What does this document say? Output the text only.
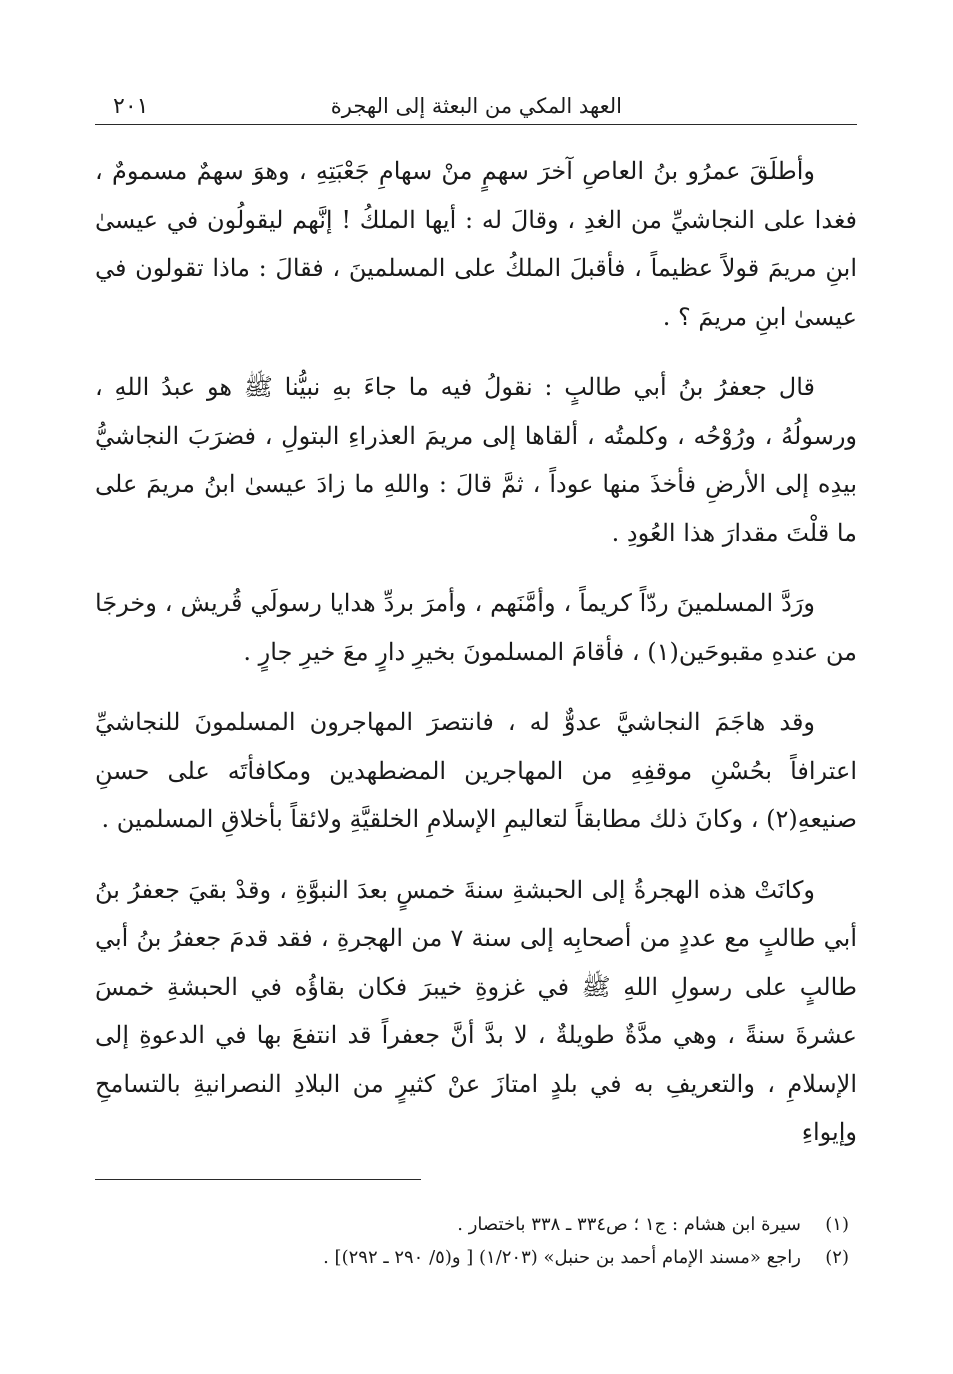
العهد المكي من البعثة إلى الهجرة
٢٠١

وأطلَقَ عمرُو بنُ العاصِ آخرَ سهمٍ منْ سهامِ جَعْبَتِهِ ، وهوَ سهمٌ مسمومٌ ، فغدا على النجاشيِّ من الغدِ ، وقالَ له : أيها الملكُ ! إنَّهم ليقولُون في عيسىٰ ابنِ مريمَ قولاً عظيماً ، فأقبلَ الملكُ على المسلمينَ ، فقالَ : ماذا تقولون في عيسىٰ ابنِ مريمَ ؟ .

قال جعفرُ بنُ أبي طالبٍ : نقولُ فيه ما جاءَ بهِ نبيُّنا ﷺ هو عبدُ اللهِ ، ورسولُهُ ، ورُوْحُه ، وكلمتُه ، ألقاها إلى مريمَ العذراءِ البتولِ ، فضرَبَ النجاشيُّ بيدِه إلى الأرضِ فأخذَ منها عوداً ، ثمَّ قالَ : واللهِ ما زادَ عيسىٰ ابنُ مريمَ على ما قلْتَ مقدارَ هذا العُودِ .

ورَدَّ المسلمينَ ردّاً كريماً ، وأمَّنَهم ، وأمرَ بردِّ هدايا رسولَي قُريش ، وخرجَا من عندهِ مقبوحَين(١) ، فأقامَ المسلمونَ بخيرِ دارٍ معَ خيرِ جارٍ .

وقد هاجَمَ النجاشيَّ عدوٌّ له ، فانتصرَ المهاجرون المسلمونَ للنجاشيِّ اعترافاً بحُسْنِ موقفِهِ من المهاجرين المضطهدين ومكافأتَه على حسنِ صنيعهِ(٢) ، وكانَ ذلك مطابقاً لتعاليمِ الإسلامِ الخلقيَّةِ ولائقاً بأخلاقِ المسلمين .

وكانَتْ هذه الهجرةُ إلى الحبشةِ سنةَ خمسٍ بعدَ النبوَّةِ ، وقدْ بقيَ جعفرُ بنُ أبي طالبٍ مع عددٍ من أصحابِه إلى سنة ٧ من الهجرةِ ، فقد قدمَ جعفرُ بنُ أبي طالبٍ على رسولِ اللهِ ﷺ في غزوةِ خيبرَ فكان بقاؤُه في الحبشةِ خمسَ عشرةَ سنةً ، وهي مدَّةٌ طويلةٌ ، لا بدَّ أنَّ جعفراً قد انتفعَ بها في الدعوةِ إلى الإسلامِ ، والتعريفِ به في بلدٍ امتازَ عنْ كثيرٍ من البلادِ النصرانيةِ بالتسامحِ وإيواءِ

(١)
سيرة ابن هشام : ج١ ؛ ص٣٣٤ ـ ٣٣٨ باختصار .
(٢)
راجع «مسند الإمام أحمد بن حنبل» (١/٢٠٣) [ و(٥/ ٢٩٠ ـ ٢٩٢)] .
